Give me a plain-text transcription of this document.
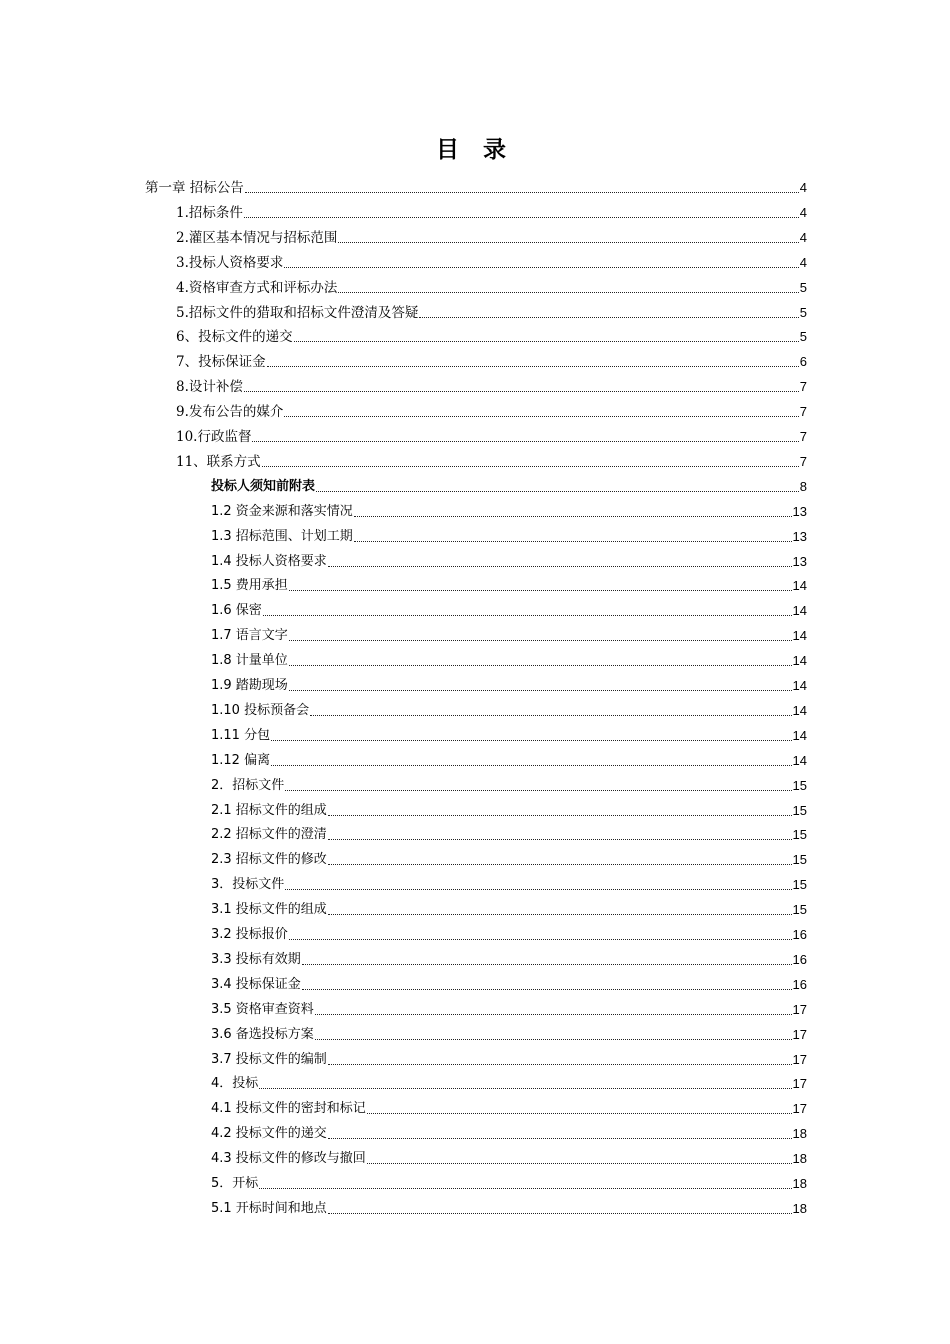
目 录
第一章 招标公告	4
1.招标条件	4
2.灌区基本情况与招标范围	4
3.投标人资格要求	4
4.资格审查方式和评标办法	5
5.招标文件的猎取和招标文件澄清及答疑	5
6、投标文件的递交	5
7、投标保证金	6
8.设计补偿	7
9.发布公告的媒介	7
10.行政监督	7
11、联系方式	7
投标人须知前附表	8
1.2 资金来源和落实情况	13
1.3 招标范围、计划工期	13
1.4 投标人资格要求	13
1.5 费用承担	14
1.6 保密	14
1.7 语言文字	14
1.8 计量单位	14
1.9 踏勘现场	14
1.10 投标预备会	14
1.11 分包	14
1.12 偏离	14
2．招标文件	15
2.1 招标文件的组成	15
2.2 招标文件的澄清	15
2.3 招标文件的修改	15
3．投标文件	15
3.1 投标文件的组成	15
3.2 投标报价	16
3.3 投标有效期	16
3.4 投标保证金	16
3.5 资格审查资料	17
3.6 备选投标方案	17
3.7 投标文件的编制	17
4．投标	17
4.1 投标文件的密封和标记	17
4.2 投标文件的递交	18
4.3 投标文件的修改与撤回	18
5．开标	18
5.1 开标时间和地点	18
